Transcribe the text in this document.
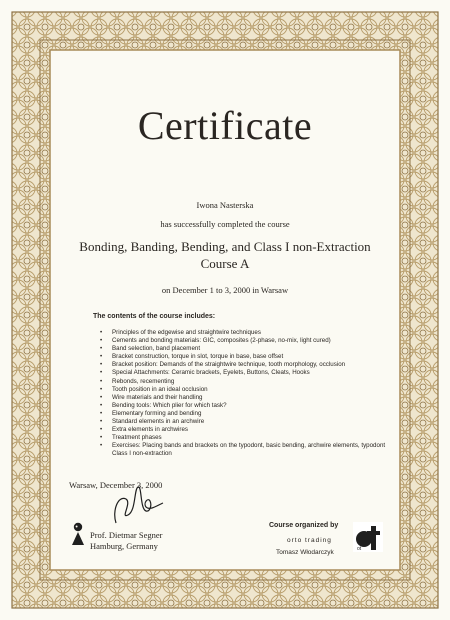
Certificate
Iwona Nasterska
has successfully completed the course
Bonding, Banding, Bending, and Class I non-Extraction
Course A
on December 1 to 3, 2000 in Warsaw
The contents of the course includes:
• Principles of the edgewise and straightwire techniques
• Cements and bonding materials: GIC, composites (2-phase, no-mix, light cured)
• Band selection, band placement
• Bracket construction, torque in slot, torque in base, base offset
• Bracket position: Demands of the straightwire technique, tooth morphology, occlusion
• Special Attachments: Ceramic brackets, Eyelets, Buttons, Cleats, Hooks
• Rebonds, recementing
• Tooth position in an ideal occlusion
• Wire materials and their handling
• Bending tools: Which plier for which task?
• Elementary forming and bending
• Standard elements in an archwire
• Extra elements in archwires
• Treatment phases
• Exercises: Placing bands and brackets on the typodont, basic bending, archwire elements, typodont Class I non-extraction
Warsaw, December 3, 2000
Prof. Dietmar Segner
Hamburg, Germany
Course organized by
orto trading
Tomasz Włodarczyk	ot
